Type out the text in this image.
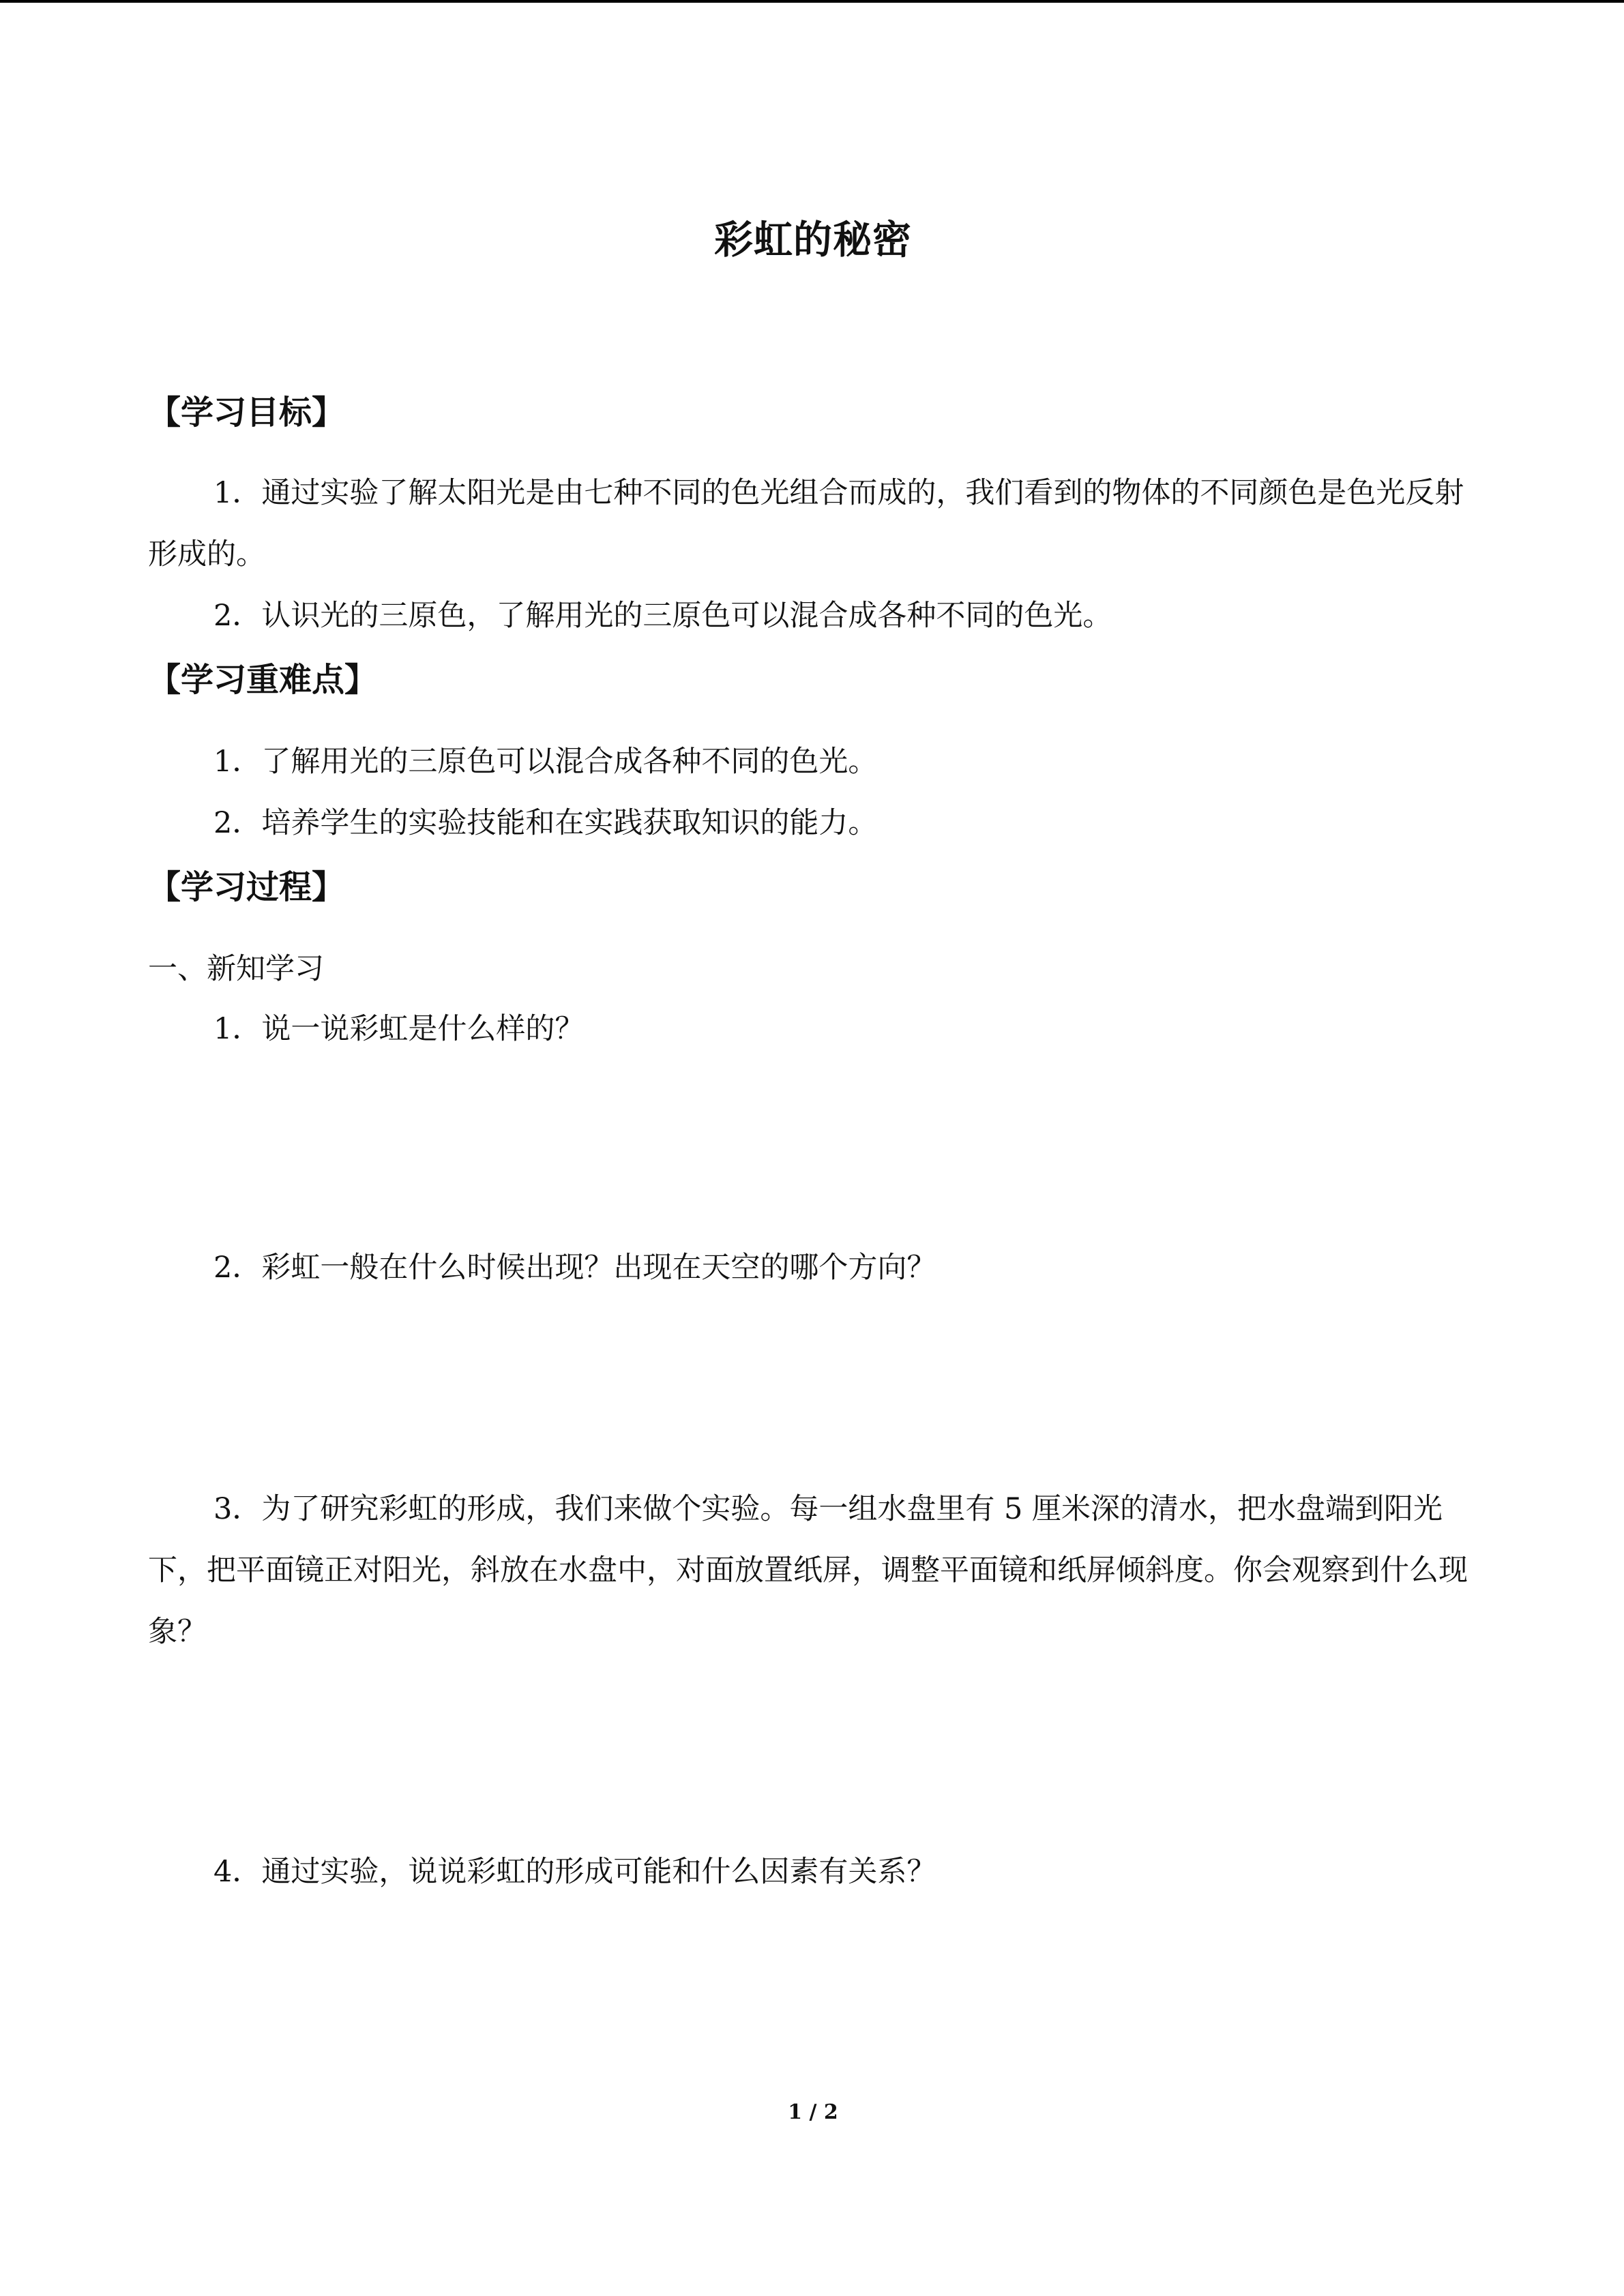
彩虹的秘密
【学习目标】
1．通过实验了解太阳光是由七种不同的色光组合而成的，我们看到的物体的不同颜色是色光反射形成的。
2．认识光的三原色，了解用光的三原色可以混合成各种不同的色光。
【学习重难点】
1．了解用光的三原色可以混合成各种不同的色光。
2．培养学生的实验技能和在实践获取知识的能力。
【学习过程】
一、新知学习
1．说一说彩虹是什么样的？
2．彩虹一般在什么时候出现？出现在天空的哪个方向？
3．为了研究彩虹的形成，我们来做个实验。每一组水盘里有 5 厘米深的清水，把水盘端到阳光下，把平面镜正对阳光，斜放在水盘中，对面放置纸屏，调整平面镜和纸屏倾斜度。你会观察到什么现象？
4．通过实验，说说彩虹的形成可能和什么因素有关系？
1 / 2
